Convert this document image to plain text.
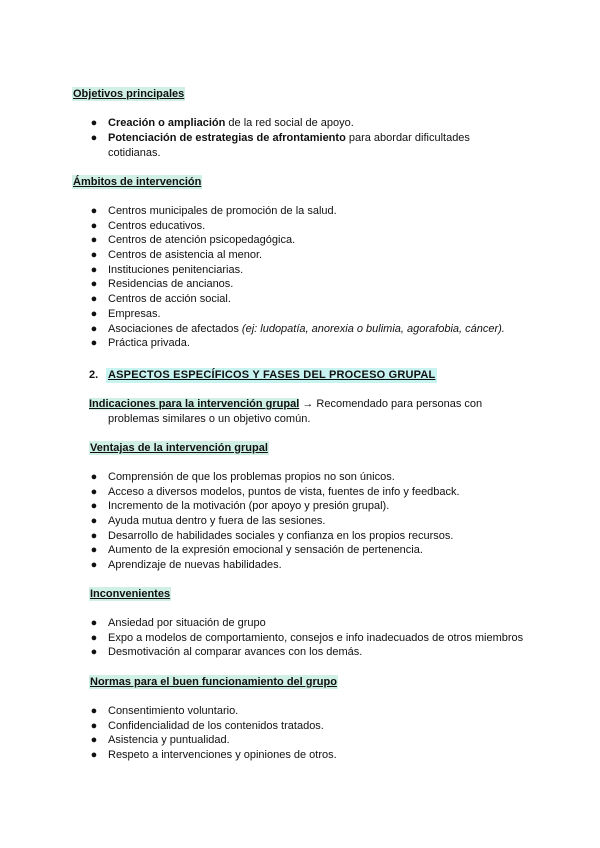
Objetivos principales
● Creación o ampliación de la red social de apoyo.
● Potenciación de estrategias de afrontamiento para abordar dificultades cotidianas.
Ámbitos de intervención
● Centros municipales de promoción de la salud.
● Centros educativos.
● Centros de atención psicopedagógica.
● Centros de asistencia al menor.
● Instituciones penitenciarias.
● Residencias de ancianos.
● Centros de acción social.
● Empresas.
● Asociaciones de afectados (ej: ludopatía, anorexia o bulimia, agorafobia, cáncer).
● Práctica privada.
2. ASPECTOS ESPECÍFICOS Y FASES DEL PROCESO GRUPAL
Indicaciones para la intervención grupal → Recomendado para personas con
problemas similares o un objetivo común.
Ventajas de la intervención grupal
● Comprensión de que los problemas propios no son únicos.
● Acceso a diversos modelos, puntos de vista, fuentes de info y feedback.
● Incremento de la motivación (por apoyo y presión grupal).
● Ayuda mutua dentro y fuera de las sesiones.
● Desarrollo de habilidades sociales y confianza en los propios recursos.
● Aumento de la expresión emocional y sensación de pertenencia.
● Aprendizaje de nuevas habilidades.
Inconvenientes
● Ansiedad por situación de grupo
● Expo a modelos de comportamiento, consejos e info inadecuados de otros miembros
● Desmotivación al comparar avances con los demás.
Normas para el buen funcionamiento del grupo
● Consentimiento voluntario.
● Confidencialidad de los contenidos tratados.
● Asistencia y puntualidad.
● Respeto a intervenciones y opiniones de otros.
